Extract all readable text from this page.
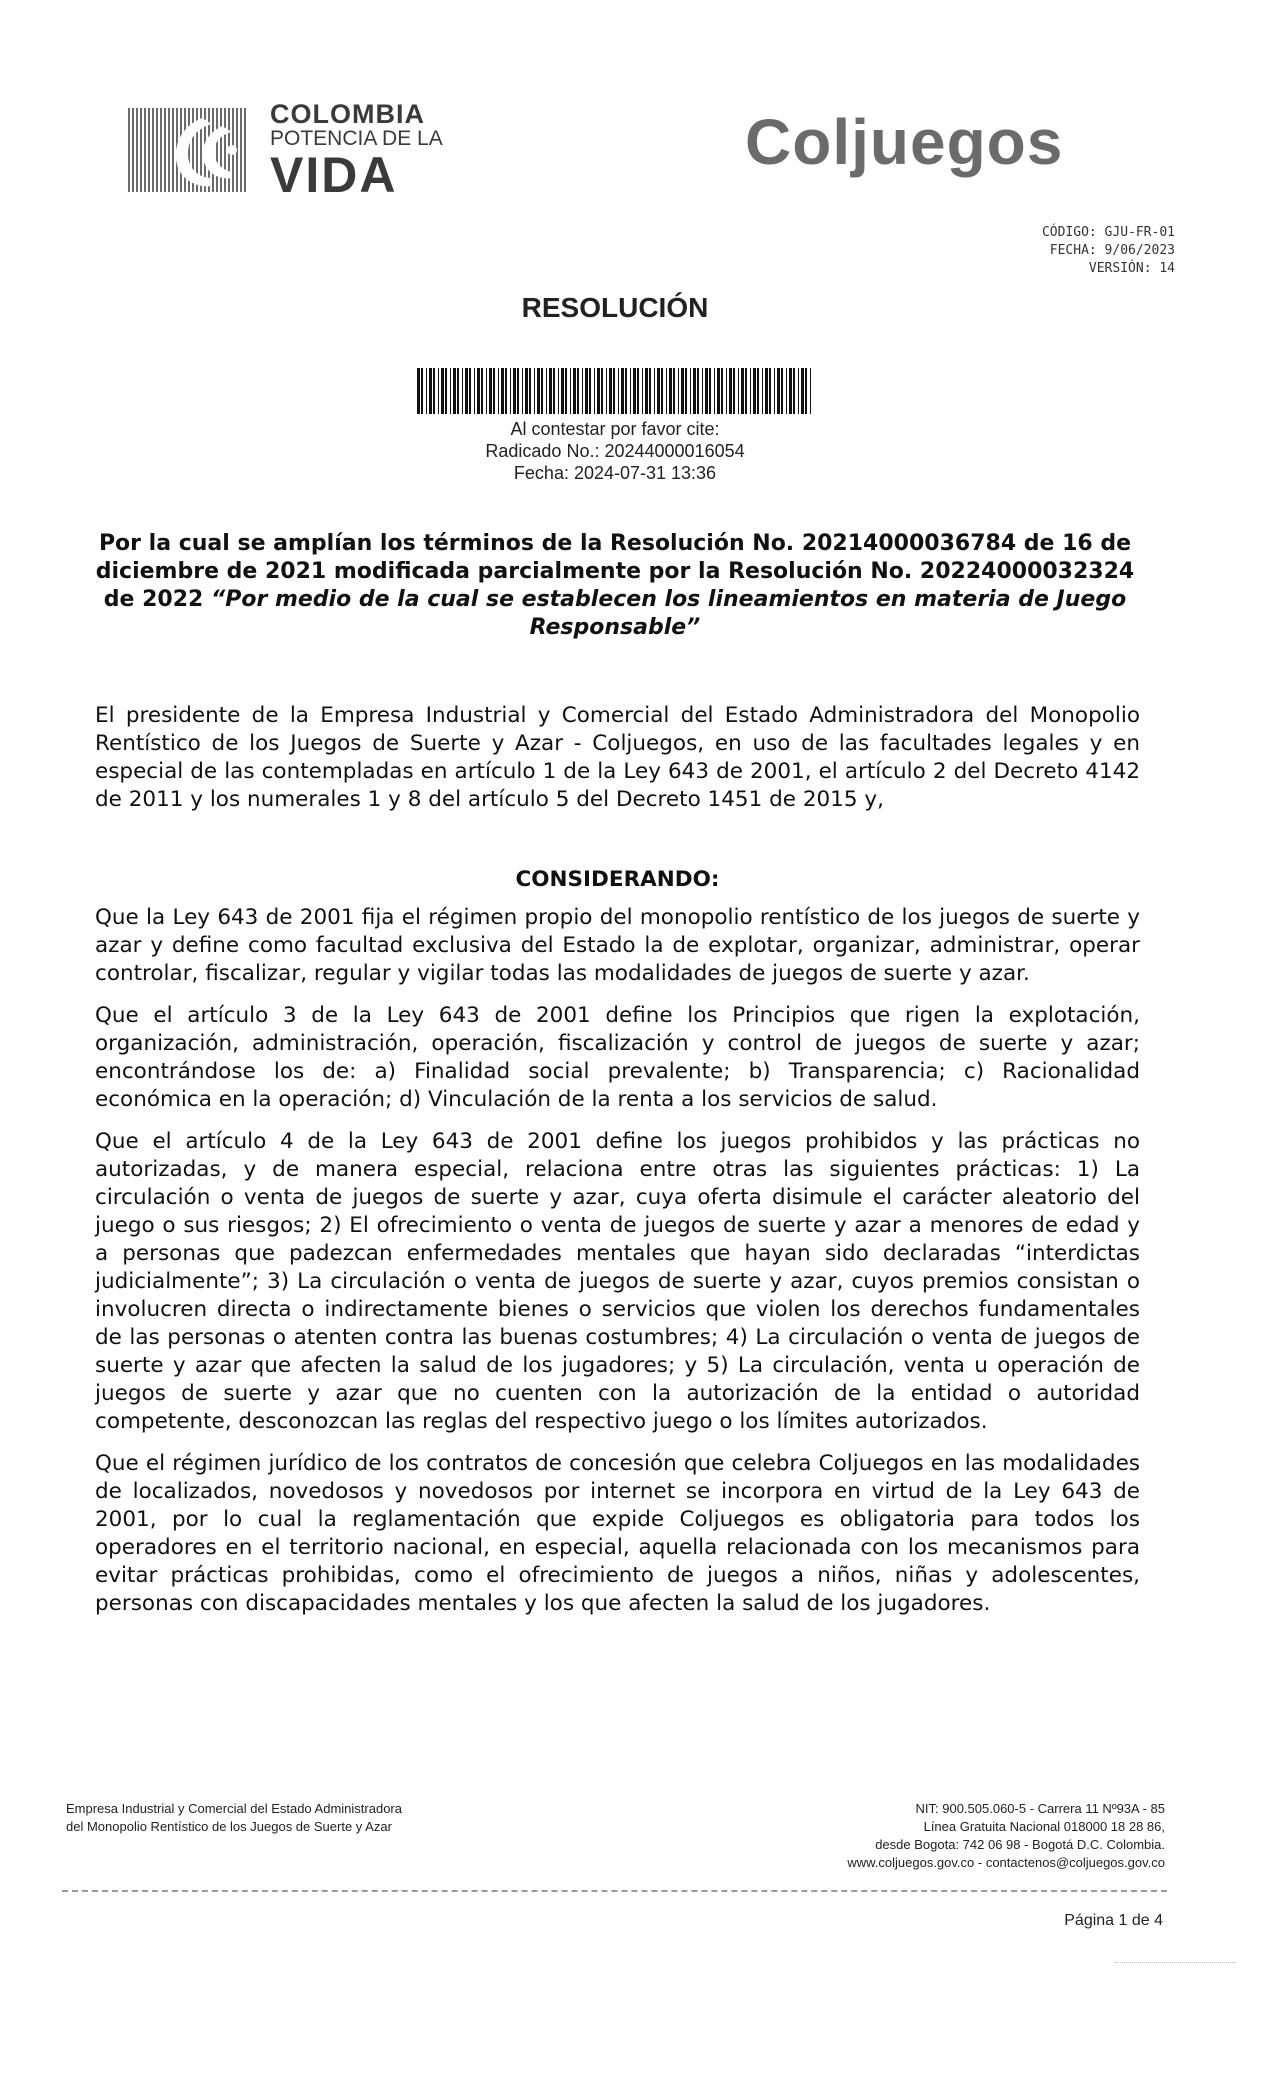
COLOMBIA
POTENCIA DE LA
VIDA	Coljuegos
CÓDIGO: GJU-FR-01
FECHA: 9/06/2023
VERSIÓN: 14
RESOLUCIÓN
Al contestar por favor cite:
Radicado No.: 20244000016054
Fecha: 2024-07-31 13:36
Por la cual se amplían los términos de la Resolución No. 20214000036784 de 16 de diciembre de 2021 modificada parcialmente por la Resolución No. 20224000032324 de 2022 “Por medio de la cual se establecen los lineamientos en materia de Juego Responsable”

El presidente de la Empresa Industrial y Comercial del Estado Administradora del Monopolio Rentístico de los Juegos de Suerte y Azar - Coljuegos, en uso de las facultades legales y en especial de las contempladas en artículo 1 de la Ley 643 de 2001, el artículo 2 del Decreto 4142 de 2011 y los numerales 1 y 8 del artículo 5 del Decreto 1451 de 2015 y,

CONSIDERANDO:

Que la Ley 643 de 2001 fija el régimen propio del monopolio rentístico de los juegos de suerte y azar y define como facultad exclusiva del Estado la de explotar, organizar, administrar, operar controlar, fiscalizar, regular y vigilar todas las modalidades de juegos de suerte y azar.

Que el artículo 3 de la Ley 643 de 2001 define los Principios que rigen la explotación, organización, administración, operación, fiscalización y control de juegos de suerte y azar; encontrándose los de: a) Finalidad social prevalente; b) Transparencia; c) Racionalidad económica en la operación; d) Vinculación de la renta a los servicios de salud.

Que el artículo 4 de la Ley 643 de 2001 define los juegos prohibidos y las prácticas no autorizadas, y de manera especial, relaciona entre otras las siguientes prácticas: 1) La circulación o venta de juegos de suerte y azar, cuya oferta disimule el carácter aleatorio del juego o sus riesgos; 2) El ofrecimiento o venta de juegos de suerte y azar a menores de edad y a personas que padezcan enfermedades mentales que hayan sido declaradas “interdictas judicialmente”; 3) La circulación o venta de juegos de suerte y azar, cuyos premios consistan o involucren directa o indirectamente bienes o servicios que violen los derechos fundamentales de las personas o atenten contra las buenas costumbres; 4) La circulación o venta de juegos de suerte y azar que afecten la salud de los jugadores; y 5) La circulación, venta u operación de juegos de suerte y azar que no cuenten con la autorización de la entidad o autoridad competente, desconozcan las reglas del respectivo juego o los límites autorizados.

Que el régimen jurídico de los contratos de concesión que celebra Coljuegos en las modalidades de localizados, novedosos y novedosos por internet se incorpora en virtud de la Ley 643 de 2001, por lo cual la reglamentación que expide Coljuegos es obligatoria para todos los operadores en el territorio nacional, en especial, aquella relacionada con los mecanismos para evitar prácticas prohibidas, como el ofrecimiento de juegos a niños, niñas y adolescentes, personas con discapacidades mentales y los que afecten la salud de los jugadores.

Empresa Industrial y Comercial del Estado Administradora
del Monopolio Rentístico de los Juegos de Suerte y Azar
NIT: 900.505.060-5 - Carrera 11 Nº93A - 85
Línea Gratuita Nacional 018000 18 28 86,
desde Bogota: 742 06 98 - Bogotá D.C. Colombia.
www.coljuegos.gov.co - contactenos@coljuegos.gov.co
Página 1 de 4
